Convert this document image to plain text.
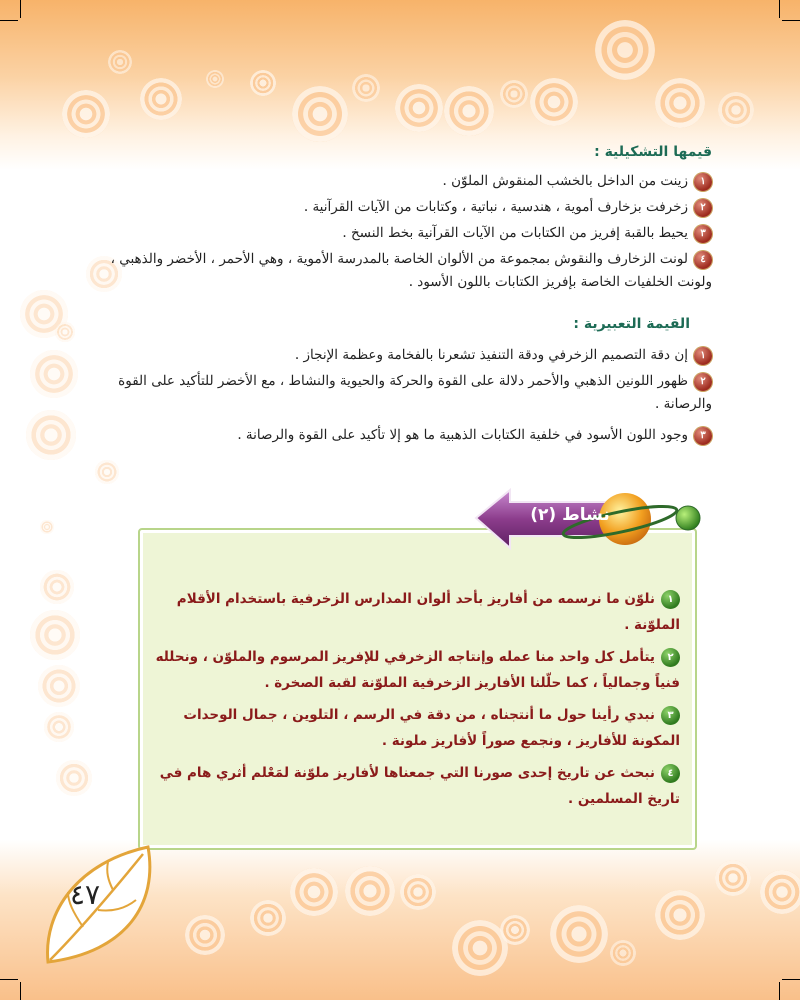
قيمها التشكيلية :
١زينت من الداخل بالخشب المنقوش الملوّن .
٢زخرفت بزخارف أموية ، هندسية ، نباتية ، وكتابات من الآيات القرآنية .
٣يحيط بالقبة إفريز من الكتابات من الآيات القرآنية بخط النسخ .
٤لونت الزخارف والنقوش بمجموعة من الألوان الخاصة بالمدرسة الأموية ، وهي الأحمر ، الأخضر والذهبي ، ولونت الخلفيات الخاصة بإفريز الكتابات باللون الأسود .
القيمة التعبيرية :
١إن دقة التصميم الزخرفي ودقة التنفيذ تشعرنا بالفخامة وعظمة الإنجاز .
٢ظهور اللونين الذهبي والأحمر دلالة على القوة والحركة والحيوية والنشاط ، مع الأخضر للتأكيد على القوة والرصانة .
٣وجود اللون الأسود في خلفية الكتابات الذهبية ما هو إلا تأكيد على القوة والرصانة .
نشاط (٢)
١نلوّن ما نرسمه من أفاريز بأحد ألوان المدارس الزخرفية باستخدام الأقلام الملوّنة .
٢يتأمل كل واحد منا عمله وإنتاجه الزخرفي للإفريز المرسوم والملوّن ، ونحلله فنياً وجمالياً ، كما حلّلنا الأفاريز الزخرفية الملوّنة لقبة الصخرة .
٣نبدي رأينا حول ما أنتجناه ، من دقة في الرسم ، التلوين ، جمال الوحدات المكونة للأفاريز ، ونجمع صوراً لأفاريز ملونة .
٤نبحث عن تاريخ إحدى صورنا التي جمعناها لأفاريز ملوّنة لمَعْلم أثري هام في تاريخ المسلمين .
٤٧
